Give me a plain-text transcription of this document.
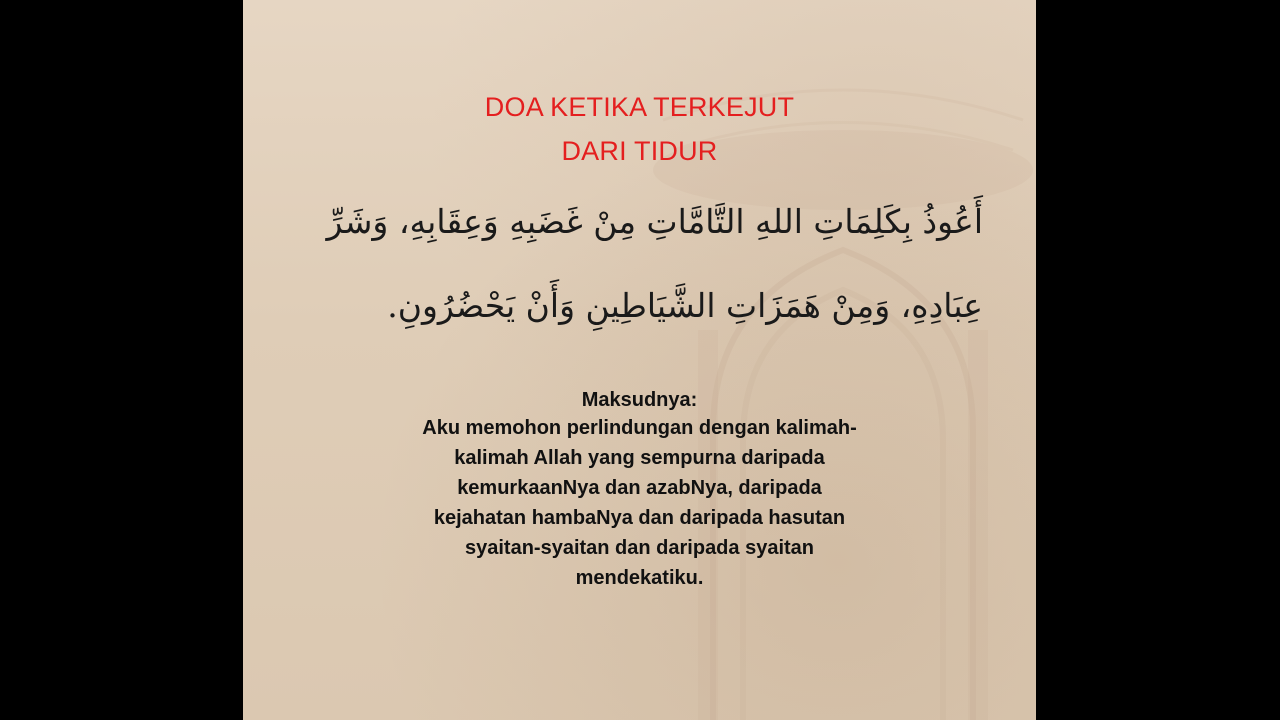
DOA KETIKA TERKEJUT
DARI TIDUR
أَعُوذُ بِكَلِمَاتِ اللهِ التَّامَّاتِ مِنْ غَضَبِهِ وَعِقَابِهِ، وَشَرِّ
عِبَادِهِ، وَمِنْ هَمَزَاتِ الشَّيَاطِينِ وَأَنْ يَحْضُرُونِ.
Maksudnya:
Aku memohon perlindungan dengan kalimah-
kalimah Allah yang sempurna daripada
kemurkaanNya dan azabNya, daripada
kejahatan hambaNya dan daripada hasutan
syaitan-syaitan dan daripada syaitan
mendekatiku.
